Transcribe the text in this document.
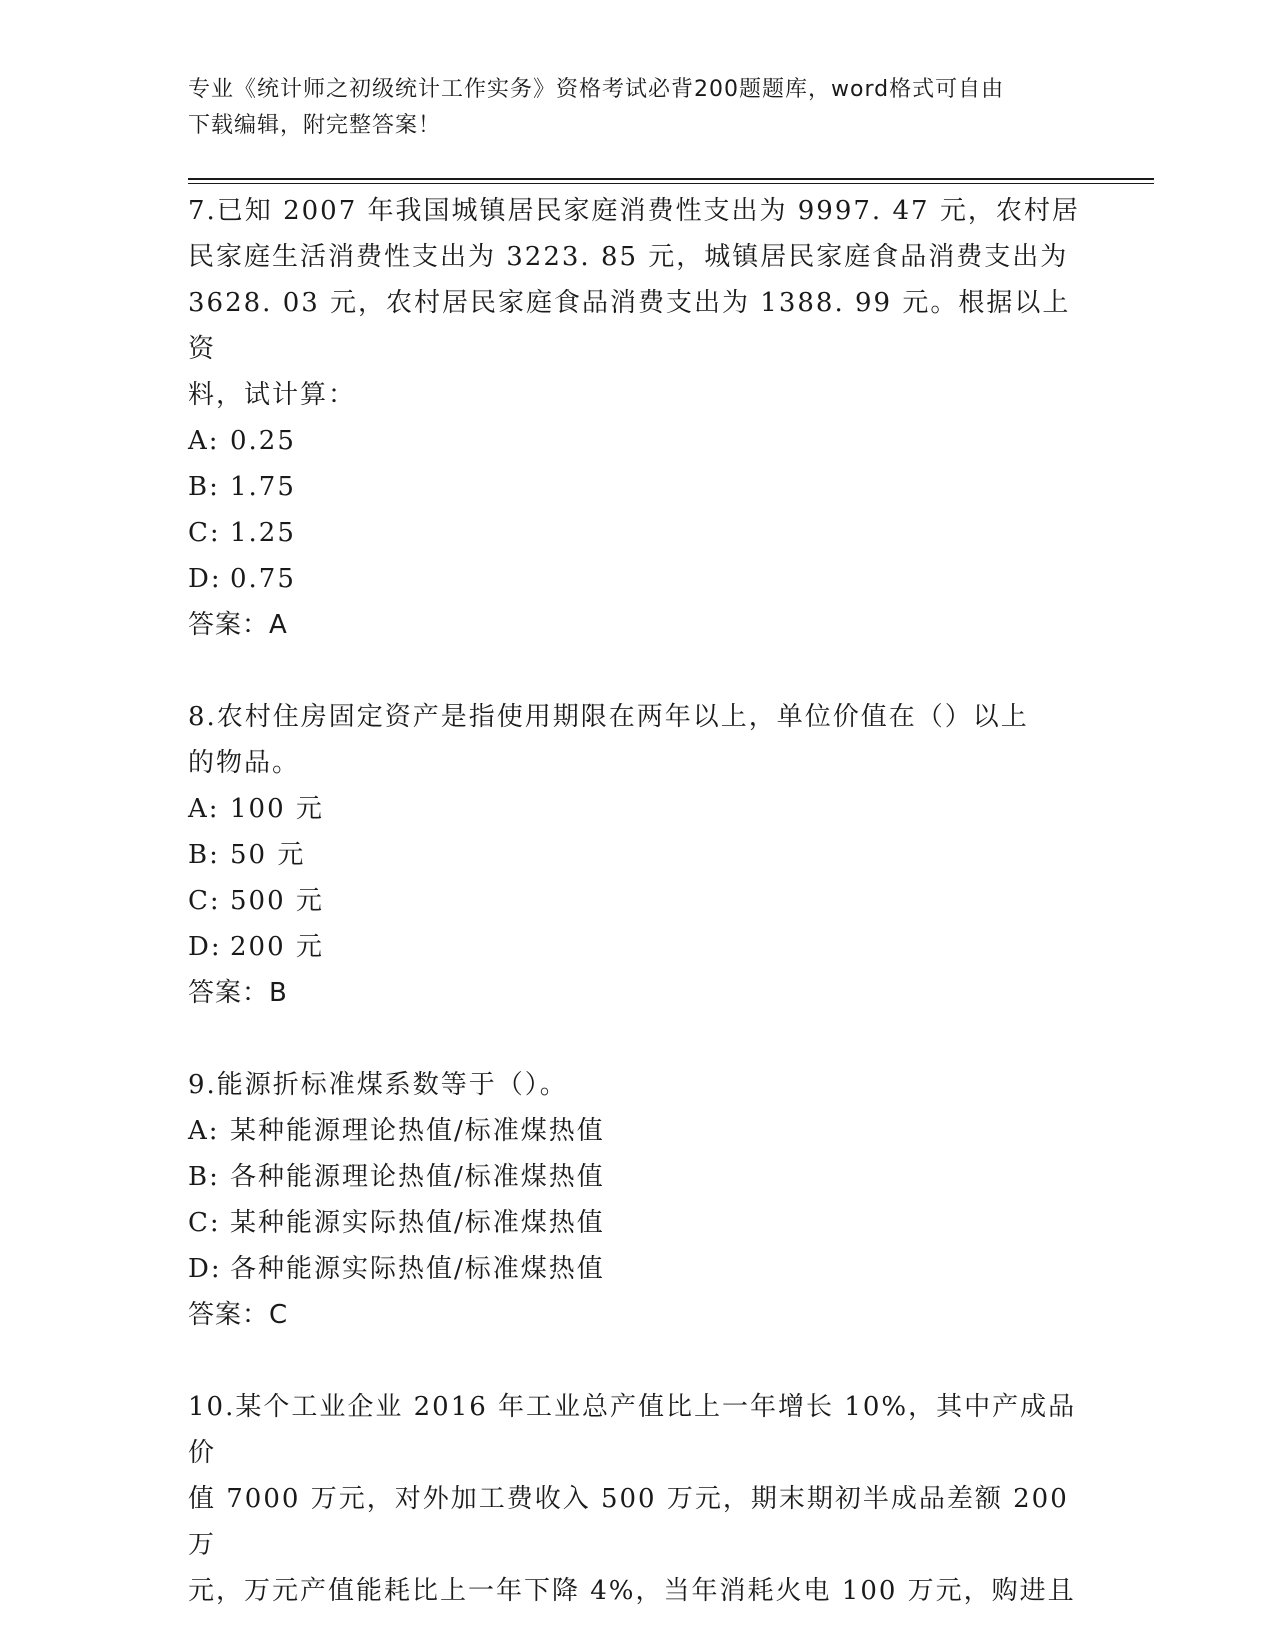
专业《统计师之初级统计工作实务》资格考试必背200题题库，word格式可自由
下载编辑，附完整答案！
7.已知 2007 年我国城镇居民家庭消费性支出为 9997. 47 元，农村居
民家庭生活消费性支出为 3223. 85 元，城镇居民家庭食品消费支出为
3628. 03 元，农村居民家庭食品消费支出为 1388. 99 元。根据以上资
料，试计算：
A: 0.25
B: 1.75
C: 1.25
D: 0.75
答案：A
8.农村住房固定资产是指使用期限在两年以上，单位价值在（）以上
的物品。
A: 100 元
B: 50 元
C: 500 元
D: 200 元
答案：B
9.能源折标准煤系数等于（）。
A: 某种能源理论热值/标准煤热值
B: 各种能源理论热值/标准煤热值
C: 某种能源实际热值/标准煤热值
D: 各种能源实际热值/标准煤热值
答案：C
10.某个工业企业 2016 年工业总产值比上一年增长 10%，其中产成品价
值 7000 万元，对外加工费收入 500 万元，期末期初半成品差额 200 万
元，万元产值能耗比上一年下降 4%，当年消耗火电 100 万元，购进且
